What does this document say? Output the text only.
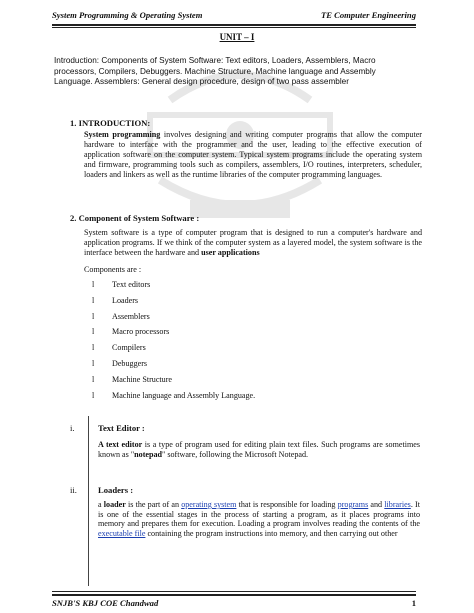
System Programming & Operating System	TE Computer Engineering
UNIT – I
Introduction: Components of System Software: Text editors, Loaders, Assemblers, Macro processors, Compilers, Debuggers. Machine Structure, Machine language and Assembly Language. Assemblers: General design procedure, design of two pass assembler
1. INTRODUCTION:
System programming involves designing and writing computer programs that allow the computer hardware to interface with the programmer and the user, leading to the effective execution of application software on the computer system. Typical system programs include the operating system and firmware, programming tools such as compilers, assemblers, I/O routines, interpreters, scheduler, loaders and linkers as well as the runtime libraries of the computer programming languages.
2. Component of System Software :
System software is a type of computer program that is designed to run a computer's hardware and application programs. If we think of the computer system as a layered model, the system software is the interface between the hardware and user applications
Components are :
l Text editors
l Loaders
l Assemblers
l Macro processors
l Compilers
l Debuggers
l Machine Structure
l Machine language and Assembly Language.
i.	Text Editor :
A text editor is a type of program used for editing plain text files. Such programs are sometimes known as "notepad" software, following the Microsoft Notepad.
ii. Loaders :
a loader is the part of an operating system that is responsible for loading programs and libraries. It is one of the essential stages in the process of starting a program, as it places programs into memory and prepares them for execution. Loading a program involves reading the contents of the executable file containing the program instructions into memory, and then carrying out other
SNJB'S KBJ COE Chandwad	1
